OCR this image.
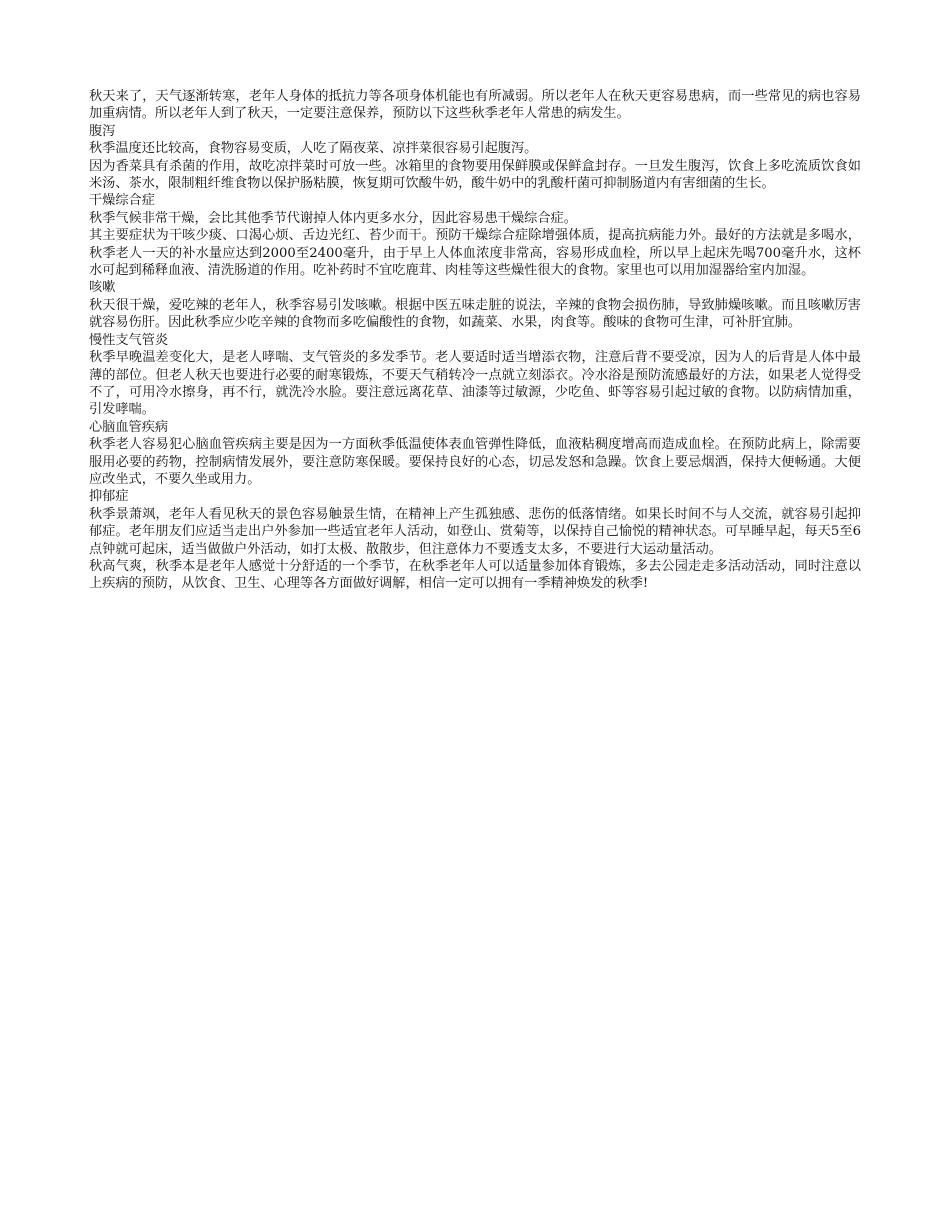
秋天来了，天气逐渐转寒，老年人身体的抵抗力等各项身体机能也有所减弱。所以老年人在秋天更容易患病，而一些常见的病也容易加重病情。所以老年人到了秋天，一定要注意保养，预防以下这些秋季老年人常患的病发生。

腹泻

秋季温度还比较高，食物容易变质，人吃了隔夜菜、凉拌菜很容易引起腹泻。

因为香菜具有杀菌的作用，故吃凉拌菜时可放一些。冰箱里的食物要用保鲜膜或保鲜盒封存。一旦发生腹泻，饮食上多吃流质饮食如米汤、茶水，限制粗纤维食物以保护肠粘膜，恢复期可饮酸牛奶，酸牛奶中的乳酸杆菌可抑制肠道内有害细菌的生长。

干燥综合症

秋季气候非常干燥，会比其他季节代谢掉人体内更多水分，因此容易患干燥综合症。

其主要症状为干咳少痰、口渴心烦、舌边光红、苔少而干。预防干燥综合症除增强体质，提高抗病能力外。最好的方法就是多喝水，秋季老人一天的补水量应达到2000至2400毫升，由于早上人体血浓度非常高，容易形成血栓，所以早上起床先喝700毫升水，这杯水可起到稀释血液、清洗肠道的作用。吃补药时不宜吃鹿茸、肉桂等这些燥性很大的食物。家里也可以用加湿器给室内加湿。

咳嗽

秋天很干燥，爱吃辣的老年人，秋季容易引发咳嗽。根据中医五味走脏的说法，辛辣的食物会损伤肺，导致肺燥咳嗽。而且咳嗽厉害就容易伤肝。因此秋季应少吃辛辣的食物而多吃偏酸性的食物，如蔬菜、水果，肉食等。酸味的食物可生津，可补肝宜肺。

慢性支气管炎

秋季早晚温差变化大，是老人哮喘、支气管炎的多发季节。老人要适时适当增添衣物，注意后背不要受凉，因为人的后背是人体中最薄的部位。但老人秋天也要进行必要的耐寒锻炼，不要天气稍转冷一点就立刻添衣。冷水浴是预防流感最好的方法，如果老人觉得受不了，可用冷水擦身，再不行，就洗冷水脸。要注意远离花草、油漆等过敏源，少吃鱼、虾等容易引起过敏的食物。以防病情加重，引发哮喘。

心脑血管疾病

秋季老人容易犯心脑血管疾病主要是因为一方面秋季低温使体表血管弹性降低，血液粘稠度增高而造成血栓。在预防此病上，除需要服用必要的药物，控制病情发展外，要注意防寒保暖。要保持良好的心态，切忌发怒和急躁。饮食上要忌烟酒，保持大便畅通。大便应改坐式，不要久坐或用力。

抑郁症

秋季景萧飒，老年人看见秋天的景色容易触景生情，在精神上产生孤独感、悲伤的低落情绪。如果长时间不与人交流，就容易引起抑郁症。老年朋友们应适当走出户外参加一些适宜老年人活动，如登山、赏菊等，以保持自己愉悦的精神状态。可早睡早起，每天5至6点钟就可起床，适当做做户外活动，如打太极、散散步，但注意体力不要透支太多，不要进行大运动量活动。

秋高气爽，秋季本是老年人感觉十分舒适的一个季节，在秋季老年人可以适量参加体育锻炼，多去公园走走多活动活动，同时注意以上疾病的预防，从饮食、卫生、心理等各方面做好调解，相信一定可以拥有一季精神焕发的秋季!
